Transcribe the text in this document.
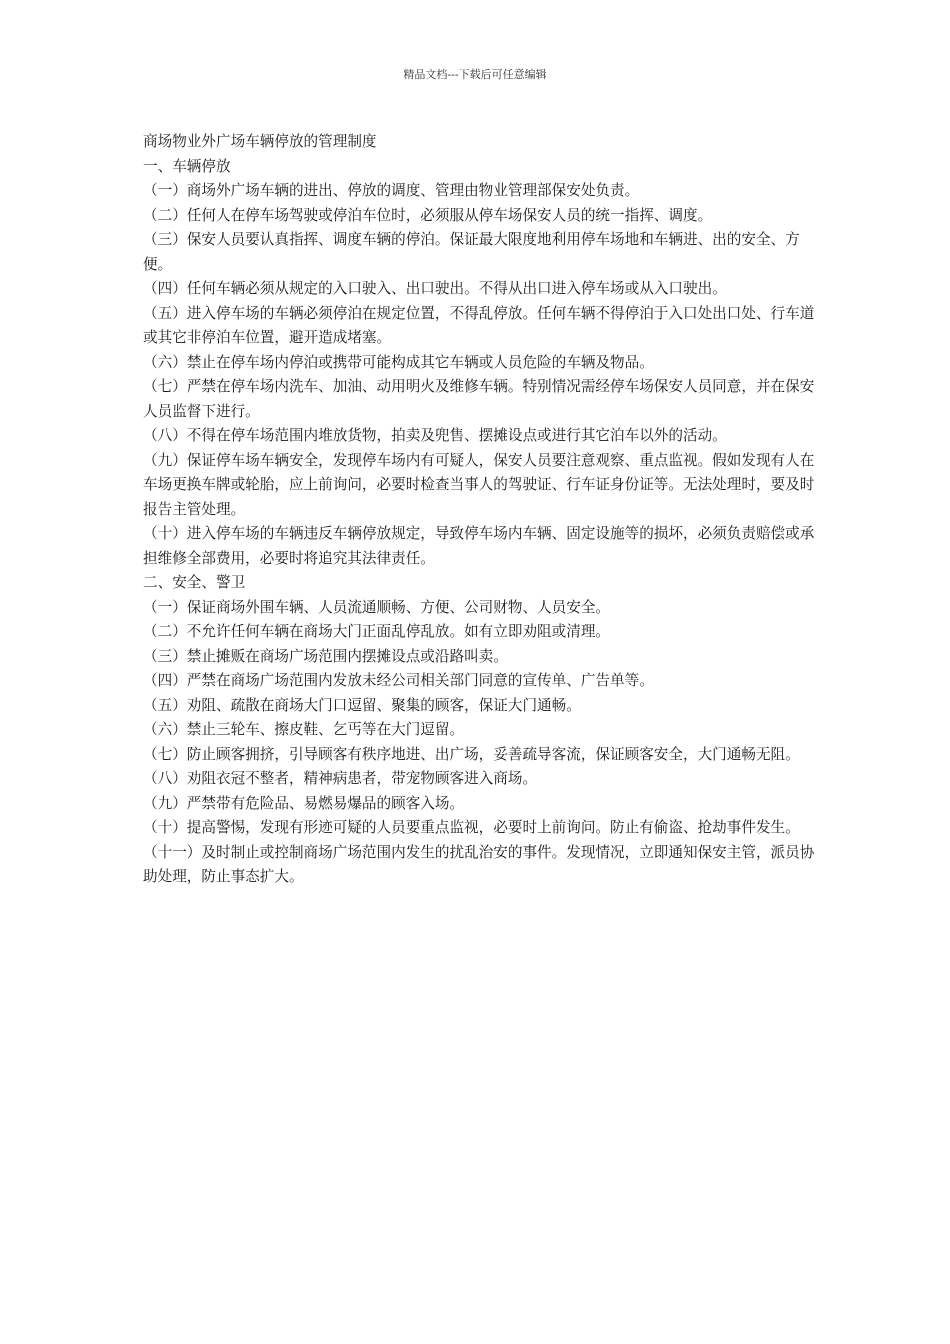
精品文档---下载后可任意编辑

商场物业外广场车辆停放的管理制度

一、车辆停放

（一）商场外广场车辆的进出、停放的调度、管理由物业管理部保安处负责。

（二）任何人在停车场驾驶或停泊车位时，必须服从停车场保安人员的统一指挥、调度。

（三）保安人员要认真指挥、调度车辆的停泊。保证最大限度地利用停车场地和车辆进、出的安全、方便。

（四）任何车辆必须从规定的入口驶入、出口驶出。不得从出口进入停车场或从入口驶出。

（五）进入停车场的车辆必须停泊在规定位置，不得乱停放。任何车辆不得停泊于入口处出口处、行车道或其它非停泊车位置，避开造成堵塞。

（六）禁止在停车场内停泊或携带可能构成其它车辆或人员危险的车辆及物品。

（七）严禁在停车场内洗车、加油、动用明火及维修车辆。特别情况需经停车场保安人员同意，并在保安人员监督下进行。

（八）不得在停车场范围内堆放货物，拍卖及兜售、摆摊设点或进行其它泊车以外的活动。

（九）保证停车场车辆安全，发现停车场内有可疑人，保安人员要注意观察、重点监视。假如发现有人在车场更换车牌或轮胎，应上前询问，必要时检查当事人的驾驶证、行车证身份证等。无法处理时，要及时报告主管处理。

（十）进入停车场的车辆违反车辆停放规定，导致停车场内车辆、固定设施等的损坏，必须负责赔偿或承担维修全部费用，必要时将追究其法律责任。

二、安全、警卫

（一）保证商场外围车辆、人员流通顺畅、方便、公司财物、人员安全。

（二）不允许任何车辆在商场大门正面乱停乱放。如有立即劝阻或清理。

（三）禁止摊贩在商场广场范围内摆摊设点或沿路叫卖。

（四）严禁在商场广场范围内发放未经公司相关部门同意的宣传单、广告单等。

（五）劝阻、疏散在商场大门口逗留、聚集的顾客，保证大门通畅。

（六）禁止三轮车、擦皮鞋、乞丐等在大门逗留。

（七）防止顾客拥挤，引导顾客有秩序地进、出广场，妥善疏导客流，保证顾客安全，大门通畅无阻。

（八）劝阻衣冠不整者，精神病患者，带宠物顾客进入商场。

（九）严禁带有危险品、易燃易爆品的顾客入场。

（十）提高警惕，发现有形迹可疑的人员要重点监视，必要时上前询问。防止有偷盗、抢劫事件发生。

（十一）及时制止或控制商场广场范围内发生的扰乱治安的事件。发现情况，立即通知保安主管，派员协助处理，防止事态扩大。
